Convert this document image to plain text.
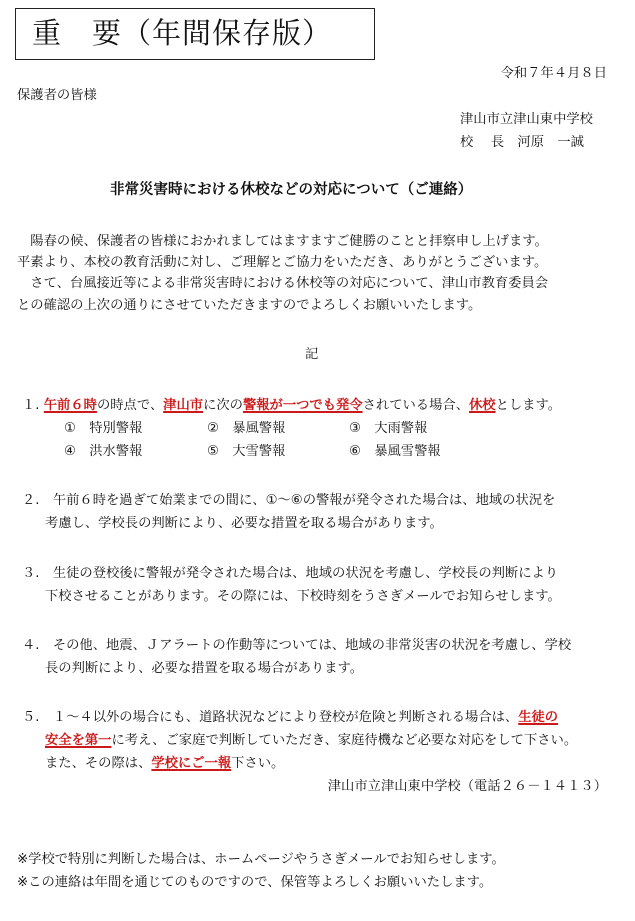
重　要（年間保存版）
令和７年４月８日
保護者の皆様
津山市立津山東中学校
校　 長　河原　一誠
非常災害時における休校などの対応について（ご連絡）
　陽春の候、保護者の皆様におかれましてはますますご健勝のことと拝察申し上げます。
平素より、本校の教育活動に対し、ご理解とご協力をいただき、ありがとうございます。
　さて、台風接近等による非常災害時における休校等の対応について、津山市教育委員会
との確認の上次の通りにさせていただきますのでよろしくお願いいたします。
記
１. 午前６時の時点で、津山市に次の警報が一つでも発令されている場合、休校とします。
①　特別警報	②　暴風警報	③　大雨警報
④　洪水警報	⑤　大雪警報	⑥　暴風雪警報
２.　午前６時を過ぎて始業までの間に、①～⑥の警報が発令された場合は、地域の状況を
考慮し、学校長の判断により、必要な措置を取る場合があります。
３.　生徒の登校後に警報が発令された場合は、地域の状況を考慮し、学校長の判断により
下校させることがあります。その際には、下校時刻をうさぎメールでお知らせします。
４.　その他、地震、Ｊアラートの作動等については、地域の非常災害の状況を考慮し、学校
長の判断により、必要な措置を取る場合があります。
５.　１～４以外の場合にも、道路状況などにより登校が危険と判断される場合は、生徒の
安全を第一に考え、ご家庭で判断していただき、家庭待機など必要な対応をして下さい。
また、その際は、学校にご一報下さい。
津山市立津山東中学校（電話２６－１４１３）
※学校で特別に判断した場合は、ホームページやうさぎメールでお知らせします。
※この連絡は年間を通じてのものですので、保管等よろしくお願いいたします。
